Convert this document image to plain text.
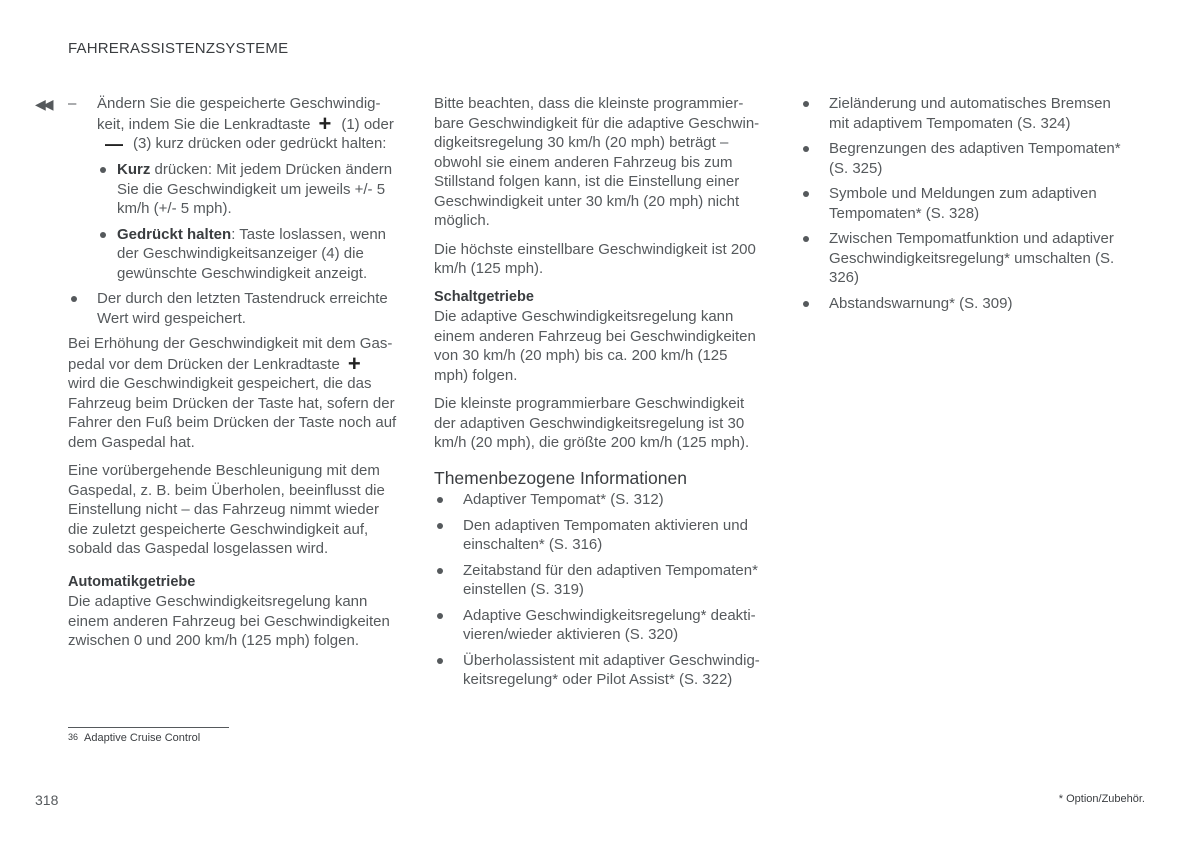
FAHRERASSISTENZSYSTEME
◀◀ – Ändern Sie die gespeicherte Geschwindig-keit, indem Sie die Lenkradtaste + (1) oder— (3) kurz drücken oder gedrückt halten:
Kurz drücken: Mit jedem Drücken ändern Sie die Geschwindigkeit um jeweils +/- 5 km/h (+/- 5 mph).
Gedrückt halten: Taste loslassen, wenn der Geschwindigkeitsanzeiger (4) die gewünschte Geschwindigkeit anzeigt.
Der durch den letzten Tastendruck erreichte Wert wird gespeichert.

Bei Erhöhung der Geschwindigkeit mit dem Gas-pedal vor dem Drücken der Lenkradtaste + wird die Geschwindigkeit gespeichert, die das Fahrzeug beim Drücken der Taste hat, sofern der Fahrer den Fuß beim Drücken der Taste noch auf dem Gaspedal hat.

Eine vorübergehende Beschleunigung mit dem Gaspedal, z. B. beim Überholen, beeinflusst die Einstellung nicht – das Fahrzeug nimmt wieder die zuletzt gespeicherte Geschwindigkeit auf, sobald das Gaspedal losgelassen wird.

Automatikgetriebe

Die adaptive Geschwindigkeitsregelung kann einem anderen Fahrzeug bei Geschwindigkeiten zwischen 0 und 200 km/h (125 mph) folgen.

Bitte beachten, dass die kleinste programmier-bare Geschwindigkeit für die adaptive Geschwin-digkeitsregelung 30 km/h (20 mph) beträgt – obwohl sie einem anderen Fahrzeug bis zum Stillstand folgen kann, ist die Einstellung einer Geschwindigkeit unter 30 km/h (20 mph) nicht möglich.

Die höchste einstellbare Geschwindigkeit ist 200 km/h (125 mph).

Schaltgetriebe

Die adaptive Geschwindigkeitsregelung kann einem anderen Fahrzeug bei Geschwindigkeiten von 30 km/h (20 mph) bis ca. 200 km/h (125 mph) folgen.

Die kleinste programmierbare Geschwindigkeit der adaptiven Geschwindigkeitsregelung ist 30 km/h (20 mph), die größte 200 km/h (125 mph).

Themenbezogene Informationen
Adaptiver Tempomat* (S. 312)
Den adaptiven Tempomaten aktivieren und einschalten* (S. 316)
Zeitabstand für den adaptiven Tempomaten* einstellen (S. 319)
Adaptive Geschwindigkeitsregelung* deakti-vieren/wieder aktivieren (S. 320)
Überholassistent mit adaptiver Geschwindig-keitsregelung* oder Pilot Assist* (S. 322)
Zieländerung und automatisches Bremsen mit adaptivem Tempomaten (S. 324)
Begrenzungen des adaptiven Tempomaten* (S. 325)
Symbole und Meldungen zum adaptiven Tempomaten* (S. 328)
Zwischen Tempomatfunktion und adaptiver Geschwindigkeitsregelung* umschalten (S. 326)
Abstandswarnung* (S. 309)
$^{36}$ Adaptive Cruise Control
318	* Option/Zubehör.
